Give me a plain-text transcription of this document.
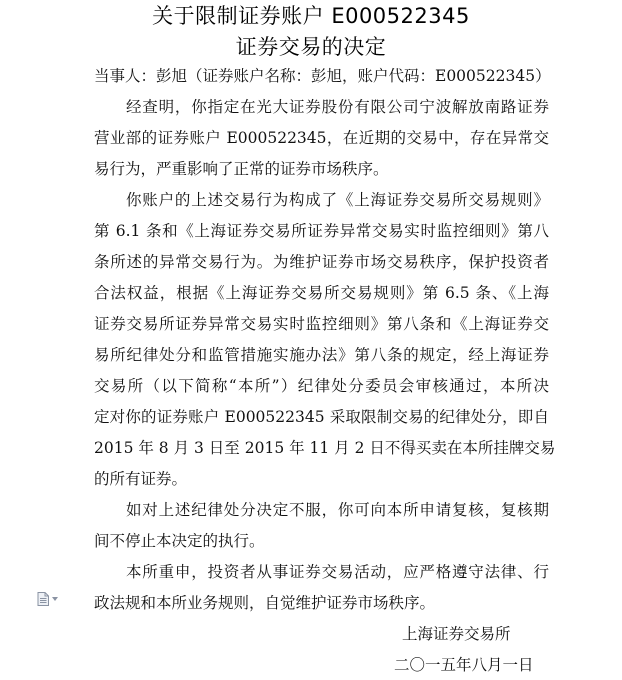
关于限制证券账户 E000522345
证券交易的决定
当事人：彭旭（证券账户名称：彭旭，账户代码：E000522345）
经查明，你指定在光大证券股份有限公司宁波解放南路证券
营业部的证券账户 E000522345，在近期的交易中，存在异常交
易行为，严重影响了正常的证券市场秩序。
你账户的上述交易行为构成了《上海证券交易所交易规则》
第 6.1 条和《上海证券交易所证券异常交易实时监控细则》第八
条所述的异常交易行为。为维护证券市场交易秩序，保护投资者
合法权益，根据《上海证券交易所交易规则》第 6.5 条、《上海
证券交易所证券异常交易实时监控细则》第八条和《上海证券交
易所纪律处分和监管措施实施办法》第八条的规定，经上海证券
交易所（以下简称“本所”）纪律处分委员会审核通过，本所决
定对你的证券账户 E000522345 采取限制交易的纪律处分，即自
2015 年 8 月 3 日至 2015 年 11 月 2 日不得买卖在本所挂牌交易
的所有证券。
如对上述纪律处分决定不服，你可向本所申请复核，复核期
间不停止本决定的执行。
本所重申，投资者从事证券交易活动，应严格遵守法律、行
政法规和本所业务规则，自觉维护证券市场秩序。
上海证券交易所
二〇一五年八月一日
